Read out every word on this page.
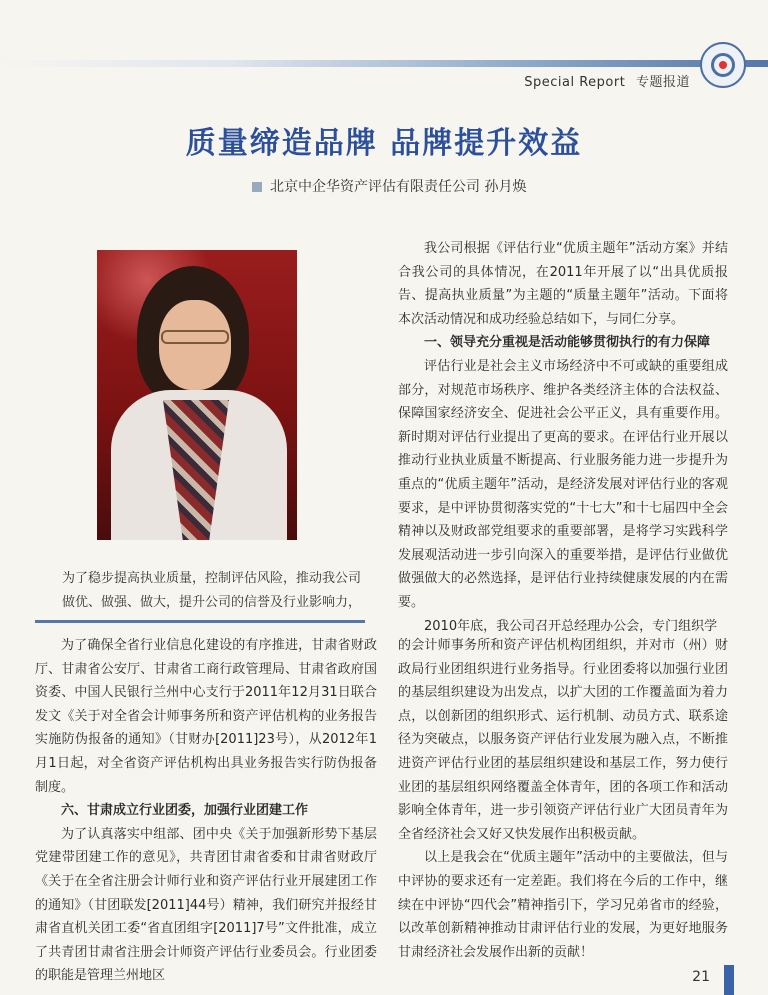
Special Report 专题报道
质量缔造品牌 品牌提升效益
北京中企华资产评估有限责任公司 孙月焕
为了稳步提高执业质量，控制评估风险，推动我公司做优、做强、做大，提升公司的信誉及行业影响力，

我公司根据《评估行业“优质主题年”活动方案》并结合我公司的具体情况，在2011年开展了以“出具优质报告、提高执业质量”为主题的“质量主题年”活动。下面将本次活动情况和成功经验总结如下，与同仁分享。

一、领导充分重视是活动能够贯彻执行的有力保障

评估行业是社会主义市场经济中不可或缺的重要组成部分，对规范市场秩序、维护各类经济主体的合法权益、保障国家经济安全、促进社会公平正义，具有重要作用。新时期对评估行业提出了更高的要求。在评估行业开展以推动行业执业质量不断提高、行业服务能力进一步提升为重点的“优质主题年”活动，是经济发展对评估行业的客观要求，是中评协贯彻落实党的“十七大”和十七届四中全会精神以及财政部党组要求的重要部署，是将学习实践科学发展观活动进一步引向深入的重要举措，是评估行业做优做强做大的必然选择，是评估行业持续健康发展的内在需要。

2010年底，我公司召开总经理办公会，专门组织学

为了确保全省行业信息化建设的有序推进，甘肃省财政厅、甘肃省公安厅、甘肃省工商行政管理局、甘肃省政府国资委、中国人民银行兰州中心支行于2011年12月31日联合发文《关于对全省会计师事务所和资产评估机构的业务报告实施防伪报备的通知》（甘财办[2011]23号），从2012年1月1日起，对全省资产评估机构出具业务报告实行防伪报备制度。

六、甘肃成立行业团委，加强行业团建工作

为了认真落实中组部、团中央《关于加强新形势下基层党建带团建工作的意见》，共青团甘肃省委和甘肃省财政厅《关于在全省注册会计师行业和资产评估行业开展建团工作的通知》（甘团联发[2011]44号）精神，我们研究并报经甘肃省直机关团工委“省直团组字[2011]7号”文件批准，成立了共青团甘肃省注册会计师资产评估行业委员会。行业团委的职能是管理兰州地区

的会计师事务所和资产评估机构团组织，并对市（州）财政局行业团组织进行业务指导。行业团委将以加强行业团的基层组织建设为出发点，以扩大团的工作覆盖面为着力点，以创新团的组织形式、运行机制、动员方式、联系途径为突破点，以服务资产评估行业发展为融入点，不断推进资产评估行业团的基层组织建设和基层工作，努力使行业团的基层组织网络覆盖全体青年，团的各项工作和活动影响全体青年，进一步引领资产评估行业广大团员青年为全省经济社会又好又快发展作出积极贡献。

以上是我会在“优质主题年”活动中的主要做法，但与中评协的要求还有一定差距。我们将在今后的工作中，继续在中评协“四代会”精神指引下，学习兄弟省市的经验，以改革创新精神推动甘肃评估行业的发展，为更好地服务甘肃经济社会发展作出新的贡献！

21
